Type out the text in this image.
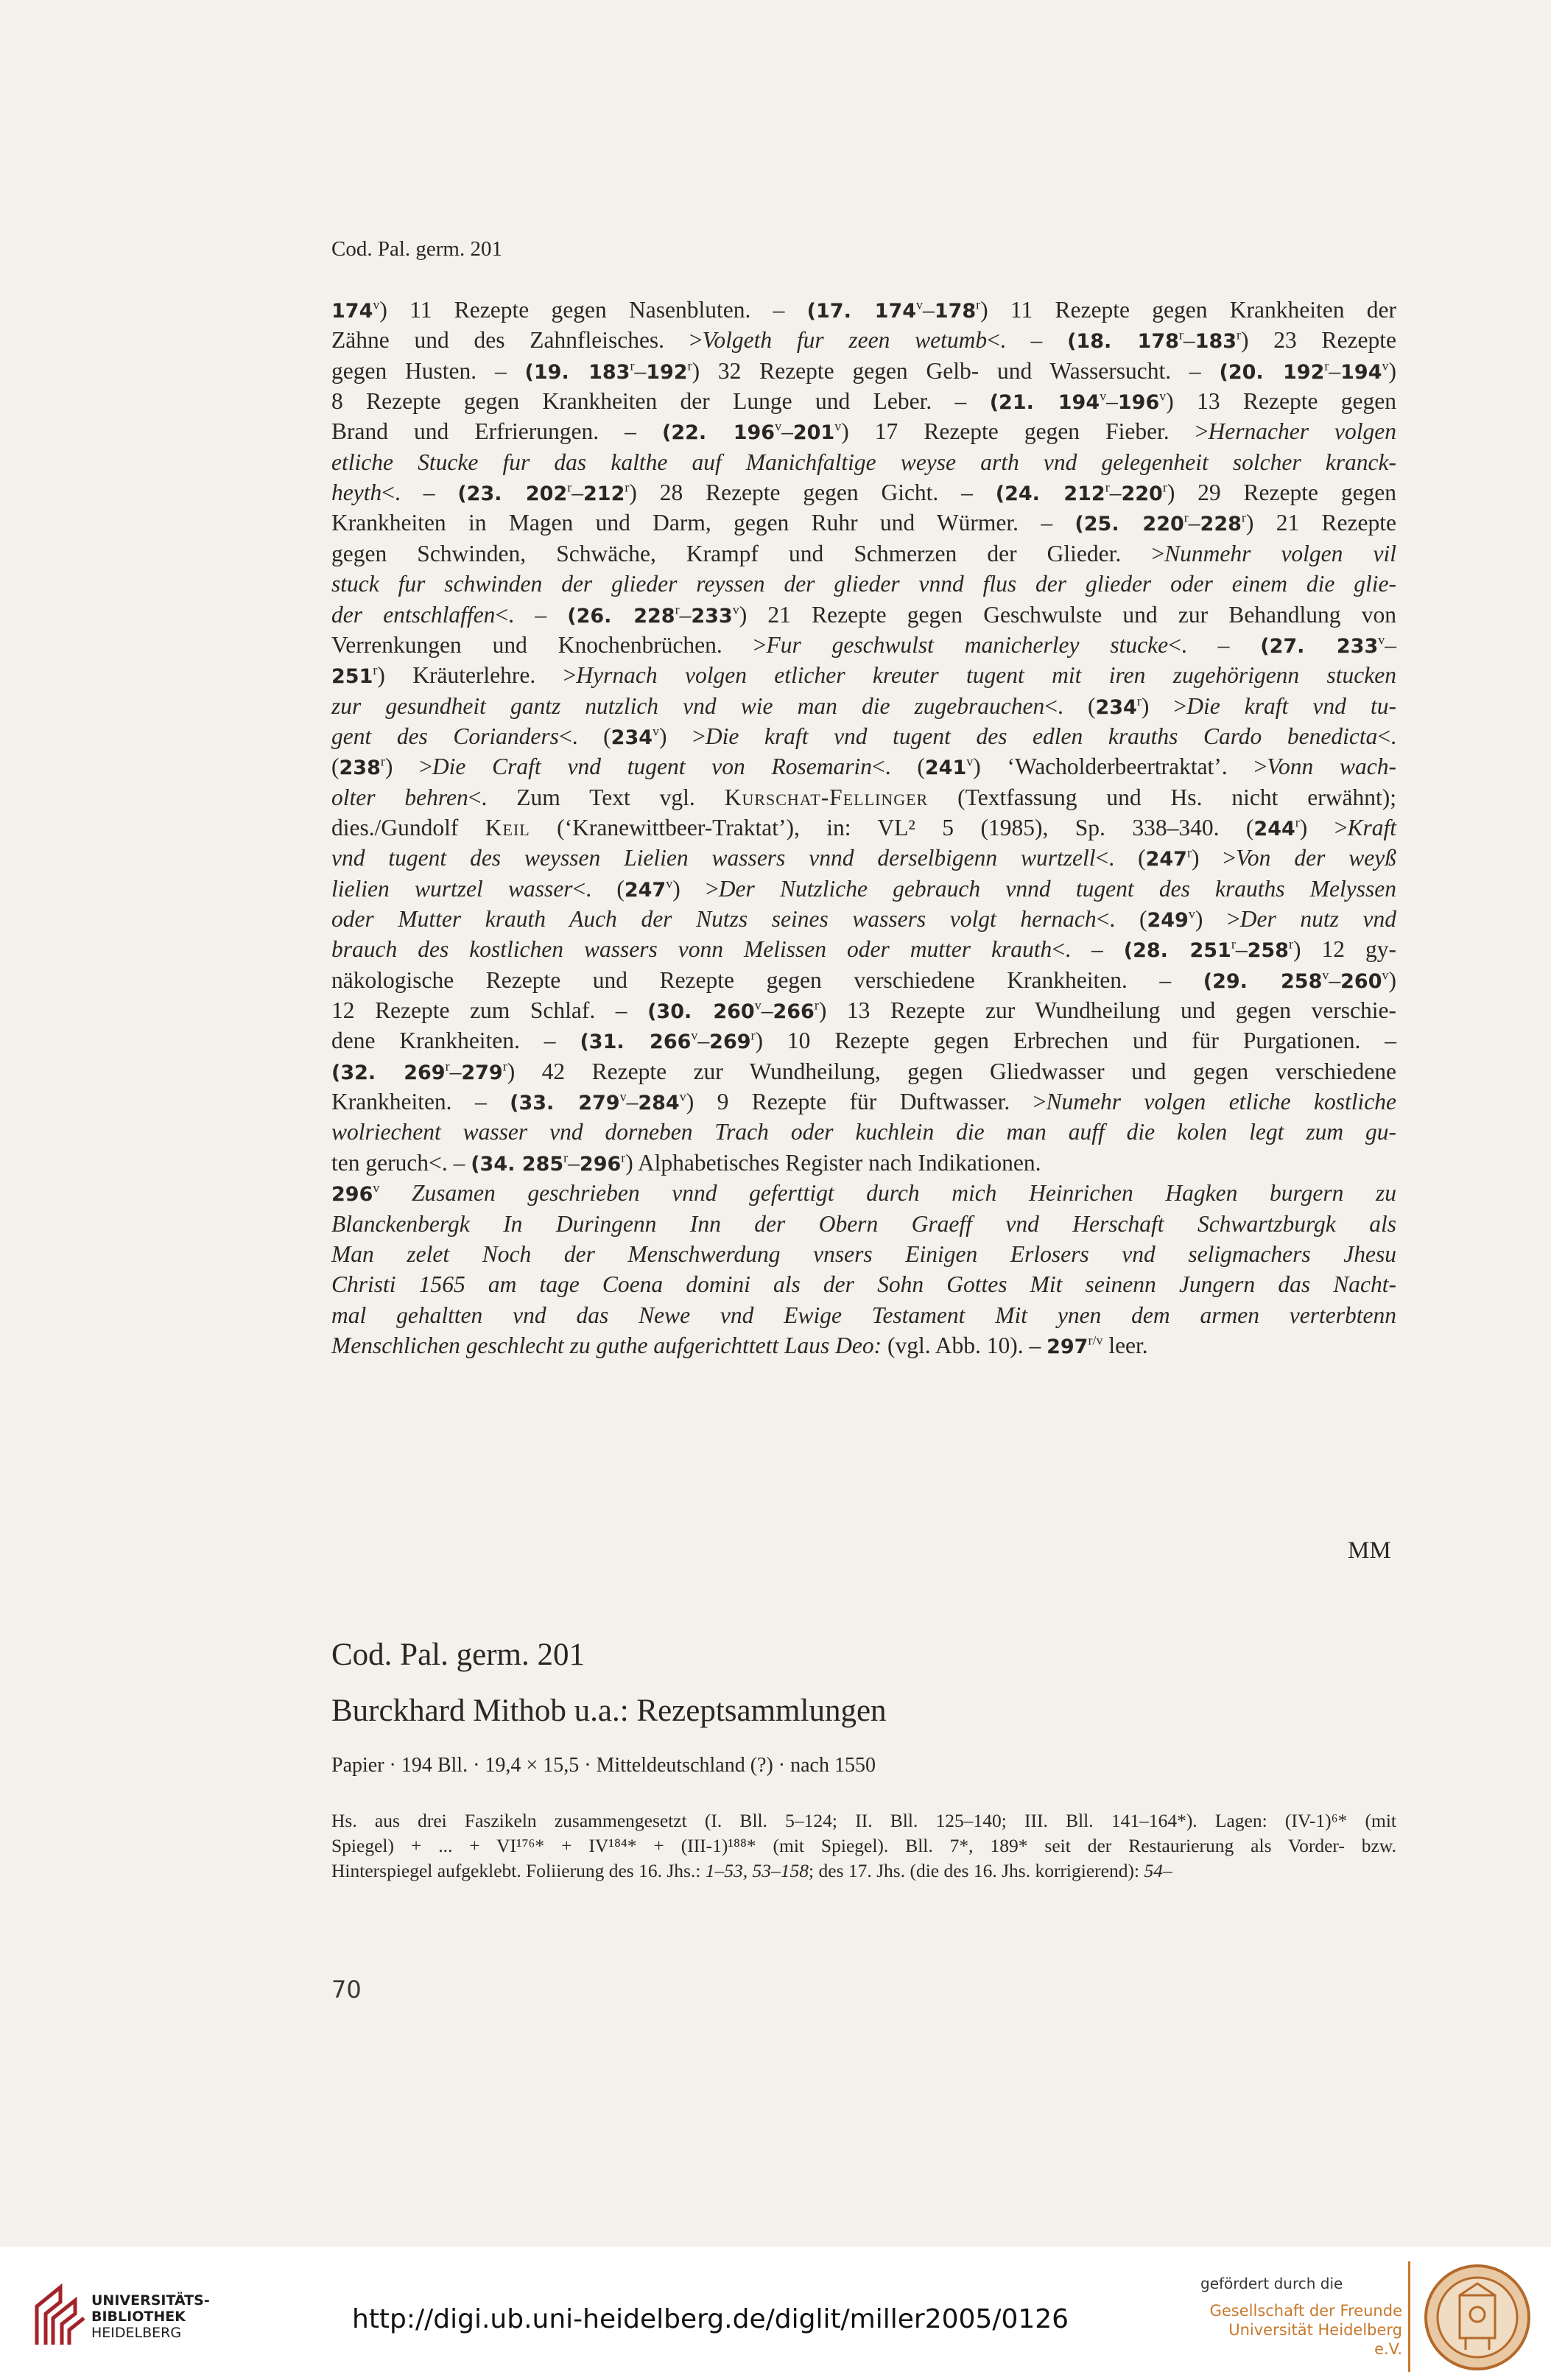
Cod. Pal. germ. 201
174$^v$) 11 Rezepte gegen Nasenbluten. – (17. 174$^v$–178$^r$) 11 Rezepte gegen Krankheiten der
Zähne und des Zahnfleisches. >Volgeth fur zeen wetumb<. – (18. 178$^r$–183$^r$) 23 Rezepte
gegen Husten. – (19. 183$^r$–192$^r$) 32 Rezepte gegen Gelb- und Wassersucht. – (20. 192$^r$–194$^v$)
8 Rezepte gegen Krankheiten der Lunge und Leber. – (21. 194$^v$–196$^v$) 13 Rezepte gegen
Brand und Erfrierungen. – (22. 196$^v$–201$^v$) 17 Rezepte gegen Fieber. >Hernacher volgen
etliche Stucke fur das kalthe auf Manichfaltige weyse arth vnd gelegenheit solcher kranck-
heyth<. – (23. 202$^r$–212$^r$) 28 Rezepte gegen Gicht. – (24. 212$^r$–220$^r$) 29 Rezepte gegen
Krankheiten in Magen und Darm, gegen Ruhr und Würmer. – (25. 220$^r$–228$^r$) 21 Rezepte
gegen Schwinden, Schwäche, Krampf und Schmerzen der Glieder. >Nunmehr volgen vil
stuck fur schwinden der glieder reyssen der glieder vnnd flus der glieder oder einem die glie-
der entschlaffen<. – (26. 228$^r$–233$^v$) 21 Rezepte gegen Geschwulste und zur Behandlung von
Verrenkungen und Knochenbrüchen. >Fur geschwulst manicherley stucke<. – (27. 233$^v$–
251$^r$) Kräuterlehre. >Hyrnach volgen etlicher kreuter tugent mit iren zugehörigenn stucken
zur gesundheit gantz nutzlich vnd wie man die zugebrauchen<. $(234^r) >Die$ kraft vnd tu-
gent des Corianders<. $(234^v) >Die$ kraft vnd tugent des edlen krauths Cardo benedicta<.
$(238^r) >Die$ Craft vnd tugent von Rosemarin<. (241$^v$) ‘Wacholderbeertraktat’. >Vonn wach-
olter behren<. Zum Text vgl. Kurschat-Fellinger (Textfassung und Hs. nicht erwähnt);
dies./Gundolf Keil (‘Kranewittbeer-Traktat’), in: VL² 5 (1985), Sp. 338–340. $(244^r)$ >Kraft
vnd tugent des weyssen Lielien wassers vnnd derselbigenn wurtzell<. $(247^r) >Von$ der weyß
lielien wurtzel wasser<. $(247^v) >Der$ Nutzliche gebrauch vnnd tugent des krauths Melyssen
oder Mutter krauth Auch der Nutzs seines wassers volgt hernach<. $(249^v) >Der$ nutz vnd
brauch des kostlichen wassers vonn Melissen oder mutter krauth<. – (28. 251$^r$–258$^r$) 12 gy-
näkologische Rezepte und Rezepte gegen verschiedene Krankheiten. – (29. 258$^v$–260$^v$)
12 Rezepte zum Schlaf. – (30. 260$^v$–266$^r$) 13 Rezepte zur Wundheilung und gegen verschie-
dene Krankheiten. – (31. 266$^v$–269$^r$) 10 Rezepte gegen Erbrechen und für Purgationen. –
(32. 269$^r$–279$^r$) 42 Rezepte zur Wundheilung, gegen Gliedwasser und gegen verschiedene
Krankheiten. – (33. 279$^v$–284$^v$) 9 Rezepte für Duftwasser. >Numehr volgen etliche kostliche
wolriechent wasser vnd dorneben Trach oder kuchlein die man auff die kolen legt zum gu-
ten geruch<. – (34. 285$^r$–296$^r$) Alphabetisches Register nach Indikationen.
296$^v$ Zusamen geschrieben vnnd geferttigt durch mich Heinrichen Hagken burgern zu
Blanckenbergk In Duringenn Inn der Obern Graeff vnd Herschaft Schwartzburgk als
Man zelet Noch der Menschwerdung vnsers Einigen Erlosers vnd seligmachers Jhesu
Christi 1565 am tage Coena domini als der Sohn Gottes Mit seinenn Jungern das Nacht-
mal gehaltten vnd das Newe vnd Ewige Testament Mit ynen dem armen verterbtenn
Menschlichen geschlecht zu guthe aufgerichttett Laus Deo: (vgl. Abb. 10). – $297^{r/v}$ leer.
MM
Cod. Pal. germ. 201
Burckhard Mithob u.a.: Rezeptsammlungen
Papier · 194 Bll. · 19,4 × 15,5 · Mitteldeutschland (?) · nach 1550
Hs. aus drei Faszikeln zusammengesetzt (I. Bll. 5–124; II. Bll. 125–140; III. Bll. 141–164*). Lagen: (IV-1)⁶* (mit
Spiegel) + ... + VI¹⁷⁶* + IV¹⁸⁴* + (III-1)¹⁸⁸* (mit Spiegel). Bll. 7*, 189* seit der Restaurierung als Vorder- bzw.
Hinterspiegel aufgeklebt. Foliierung des 16. Jhs.: 1–53, 53–158; des 17. Jhs. (die des 16. Jhs. korrigierend): 54–
70
UNIVERSITÄTS-
BIBLIOTHEK
HEIDELBERG	http://digi.ub.uni-heidelberg.de/diglit/miller2005/0126
gefördert durch die
Gesellschaft der Freunde
Universität Heidelberg e.V.
